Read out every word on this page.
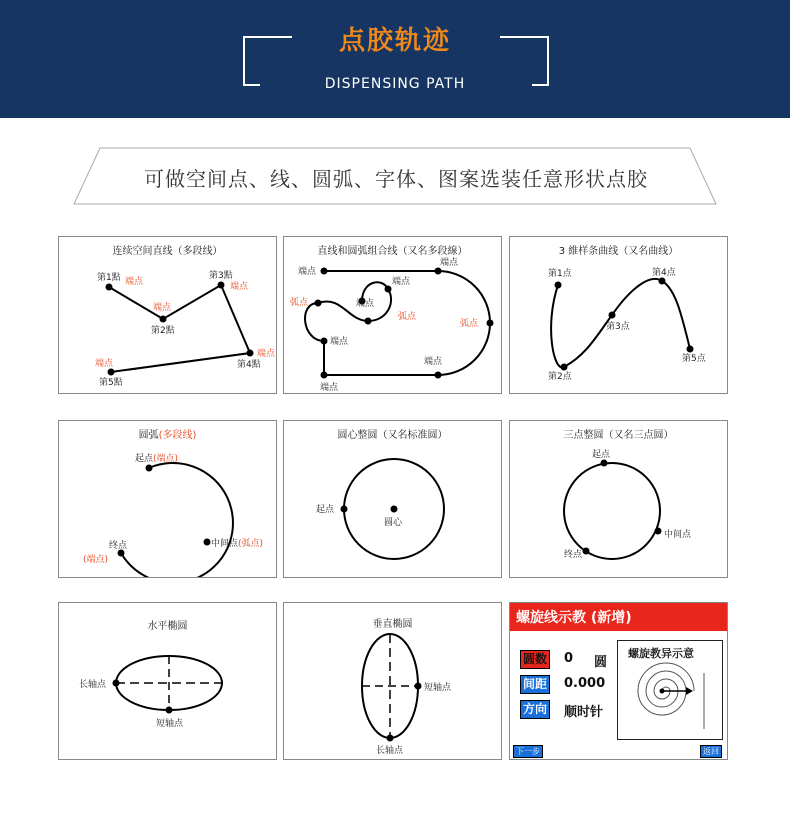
点胶轨迹
DISPENSING PATH
可做空间点、线、圆弧、字体、图案选装任意形状点胶
连续空间直线（多段线）
第1點 端点
端点
第2點
第3點
端点
端点
第4點
端点
第5點
直线和圆弧组合线（又名多段線）
端点
端点
端点
弧点	端点
弧点
弧点
端点
端点
端点
3 維样条曲线（又名曲线）
第1点
第2点
第3点
第4点
第5点
圆弧(多段线)
起点(端点)
中间点(弧点)
终点
(端点)
圆心整圆（又名标准圆）
起点
圆心
三点整圆（又名三点圆）
起点
中间点
终点
水平椭圆
长轴点
短轴点
垂直椭圆
短轴点
长轴点
螺旋线示教 (新增)
圆数 0 圆
间距 0.000
方向 顺时针
螺旋教异示意
下一步	返回
